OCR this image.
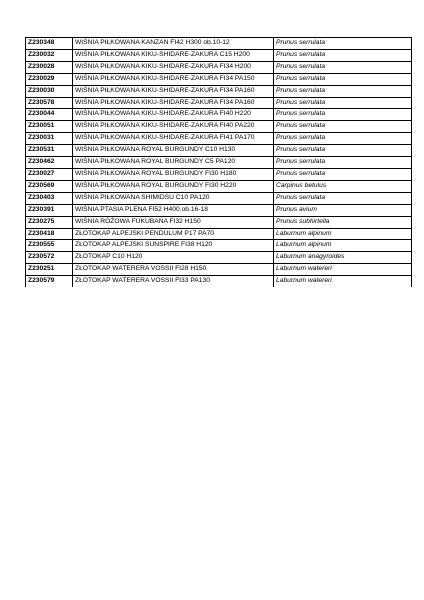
Z230348	WIŚNIA PIŁKOWANA KANZAN FI42 H300 ob.10-12	Prunus serrulata
Z230032	WIŚNIA PIŁKOWANA KIKU-SHIDARE-ZAKURA C15 H200	Prunus serrulata
Z230028	WIŚNIA PIŁKOWANA KIKU-SHIDARE-ZAKURA FI34 H200	Prunus serrulata
Z230029	WIŚNIA PIŁKOWANA KIKU-SHIDARE-ZAKURA FI34 PA150	Prunus serrulata
Z230030	WIŚNIA PIŁKOWANA KIKU-SHIDARE-ZAKURA FI34 PA160	Prunus serrulata
Z230578	WIŚNIA PIŁKOWANA KIKU-SHIDARE-ZAKURA FI34 PA160	Prunus serrulata
Z230044	WIŚNIA PIŁKOWANA KIKU-SHIDARE-ZAKURA FI40 H220	Prunus serrulata
Z230051	WIŚNIA PIŁKOWANA KIKU-SHIDARE-ZAKURA FI40 PA220	Prunus serrulata
Z230031	WIŚNIA PIŁKOWANA KIKU-SHIDARE-ZAKURA FI41 PA170	Prunus serrulata
Z230531	WIŚNIA PIŁKOWANA ROYAL BURGUNDY C10 H130	Prunus serrulata
Z230462	WIŚNIA PIŁKOWANA ROYAL BURGUNDY C5 PA120	Prunus serrulata
Z230027	WIŚNIA PIŁKOWANA ROYAL BURGUNDY FI30 H180	Prunus serrulata
Z230569	WIŚNIA PIŁKOWANA ROYAL BURGUNDY FI30 H220	Carpinus betulus
Z230403	WIŚNIA PIŁKOWANA SHIMIDSU C10 PA120	Prunus serrulata
Z230391	WIŚNIA PTASIA PLENA FI52 H400 ob.16-18	Prunus avium
Z230275	WIŚNIA RÓŻOWA FUKUBANA FI32 H150	Prunus subhirtella
Z230418	ZŁOTOKAP ALPEJSKI PENDULUM P17 PA70	Laburnum alpinum
Z230555	ZŁOTOKAP ALPEJSKI SUNSPIRE FI38 H120	Laburnum alpinum
Z230572	ZŁOTOKAP C10 H120	Laburnum anagyroides
Z230251	ZŁOTOKAP WATERERA VOSSII FI28 H150	Laburnum watereri
Z230579	ZŁOTOKAP WATERERA VOSSII FI33 PA130	Laburnum watereri
